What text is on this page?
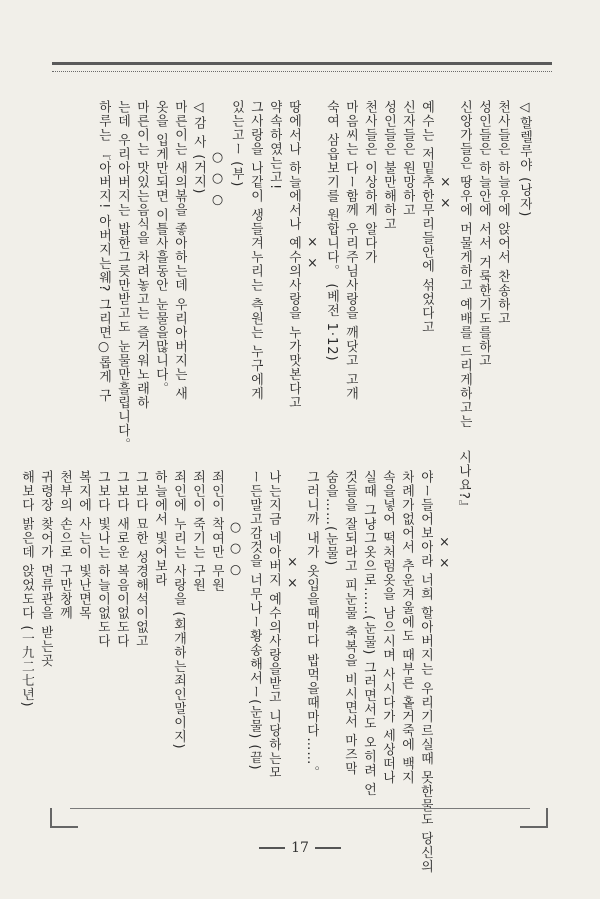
◁할렐루야 (낭자)
천사들은 하늘우에 앉어서 찬송하고
성인들은 하늘안에 서서 거룩한기도를하고
신앙가들은 땅우에 머물게하고 예배를 드리게하고는
× ×
예수는 저밑추한무리들안에 섞었다고
신자들은 원망하고
성인들은 불만해하고
천사들은 이상하게 알다가
마음씨는 다ー함께 우리주님사랑을 깨닷고 고개
숙여 삼읍보기를 원합니다。 (베전 1·12)
× ×
땅에서나 하늘에서나 예수의사랑을 누가맛본다고
약속하였는고!
그사랑을 나같이 생들겨누리는 측원는 누구에게
있는고ー (부)
○ ○ ○
◁감 사 (거지)
마른이는 새의볶을 좋아하는데 우리아버지는 새
옷을 입게만되면 이틀사흘동안 눈물을많니다。
마른이는 맛있는음식을 차려놓고는 즐거워노래하
는데 우리아버지는 밥한그릇만받고도 눈물만흘립니다。
하루는 『아버지! 아버지는웨? 그리면○롭게 구
시나요?』
× ×
야ー들어보아라 너희 할아버지는 우리기르실때 못한물도 당신의
차례가없어서 추운겨울에도 때부른 홑거죽에 백지
속을넣어 떡처럼옷을 남으시며 사시다가 세상떠나
실때 그냥그옷으로……(눈물) 그러면서도 오히려 언
것들을 잘되라고 피눈물 축복을 비시면서 마즈막
숨을……(눈물)
그러니까 내가 옷입을때마다 밥먹을때마다……。
× ×
나는지금 네아버지 예수의사랑을받고 니당하는모
ー든말고감것을 너무나ー황송해서ー(눈물) (끝)
○ ○ ○
죄인이 착여만 무원
죄인이 죽기는 구원
죄인에 누리는 사랑을 (회개하는죄인말이지)
하늘에서 빛어보라
그보다 묘한 성경해석이없고
그보다 새로운 복음이없도다
그보다 빛나는 하늘이없도다
복지에 사는이 빛난면목
천부의 손으로 구만창께
귀령장 찾어가 면류관을 받는곳
해보다 밝은데 앉었도다 (一九二七년)
17
